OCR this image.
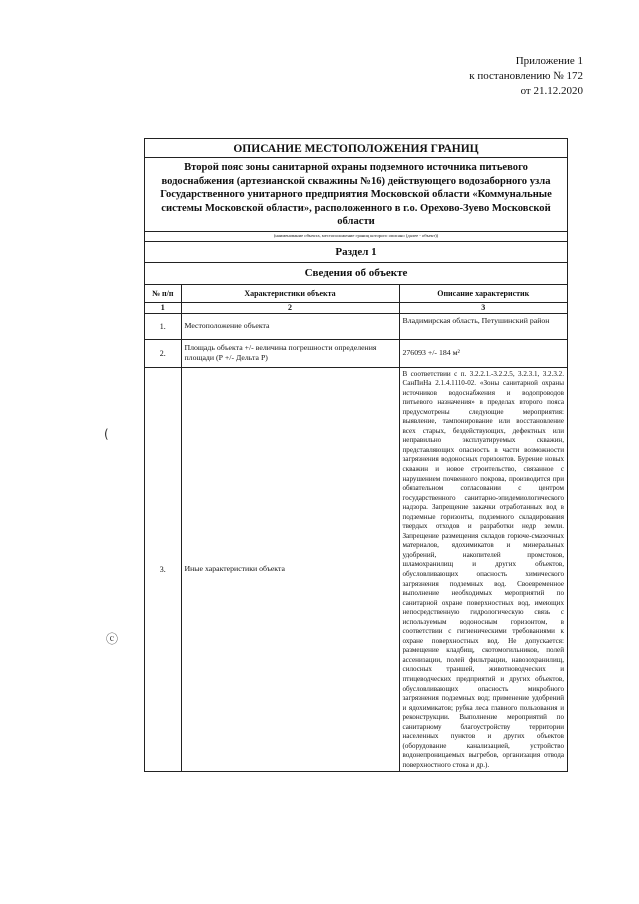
Приложение 1
к постановлению № 172
от 21.12.2020
(
ⓒ
ОПИСАНИЕ МЕСТОПОЛОЖЕНИЯ ГРАНИЦ
Второй пояс зоны санитарной охраны подземного источника питьевого водоснабжения (артезианской скважины №16) действующего водозаборного узла Государственного унитарного предприятия Московской области «Коммунальные системы Московской области», расположенного в г.о. Орехово-Зуево Московской области
(наименование объекта, местоположение границ которого описано (далее - объект))
Раздел 1
Сведения об объекте
№ п/п	Характеристики объекта	Описание характеристик
1	2	3
1.	Местоположение объекта	Владимирская область, Петушинский район
2.	Площадь объекта +/- величина погрешности определения площади (Р +/- Дельта Р)	276093 +/- 184 м²
3.	Иные характеристики объекта	В соответствии с п. 3.2.2.1.-3.2.2.5, 3.2.3.1, 3.2.3.2. СанПиНа 2.1.4.1110-02. «Зоны санитарной охраны источников водоснабжения и водопроводов питьевого назначения» в пределах второго пояса предусмотрены следующие мероприятия: выявление, тампонирование или восстановление всех старых, бездействующих, дефектных или неправильно эксплуатируемых скважин, представляющих опасность в части возможности загрязнения водоносных горизонтов. Бурение новых скважин и новое строительство, связанное с нарушением почвенного покрова, производится при обязательном согласовании с центром государственного санитарно-эпидемиологического надзора. Запрещение закачки отработанных вод в подземные горизонты, подземного складирования твердых отходов и разработки недр земли. Запрещение размещения складов горюче-смазочных материалов, ядохимикатов и минеральных удобрений, накопителей промстоков, шламохранилищ и других объектов, обусловливающих опасность химического загрязнения подземных вод. Своевременное выполнение необходимых мероприятий по санитарной охране поверхностных вод, имеющих непосредственную гидрологическую связь с используемым водоносным горизонтом, в соответствии с гигиеническими требованиями к охране поверхностных вод. Не допускается: размещение кладбищ, скотомогильников, полей ассенизации, полей фильтрации, навозохранилищ, силосных траншей, животноводческих и птицеводческих предприятий и других объектов, обусловливающих опасность микробного загрязнения подземных вод; применение удобрений и ядохимикатов; рубка леса главного пользования и реконструкции. Выполнение мероприятий по санитарному благоустройству территории населенных пунктов и других объектов (оборудование канализацией, устройство водонепроницаемых выгребов, организация отвода поверхностного стока и др.).
